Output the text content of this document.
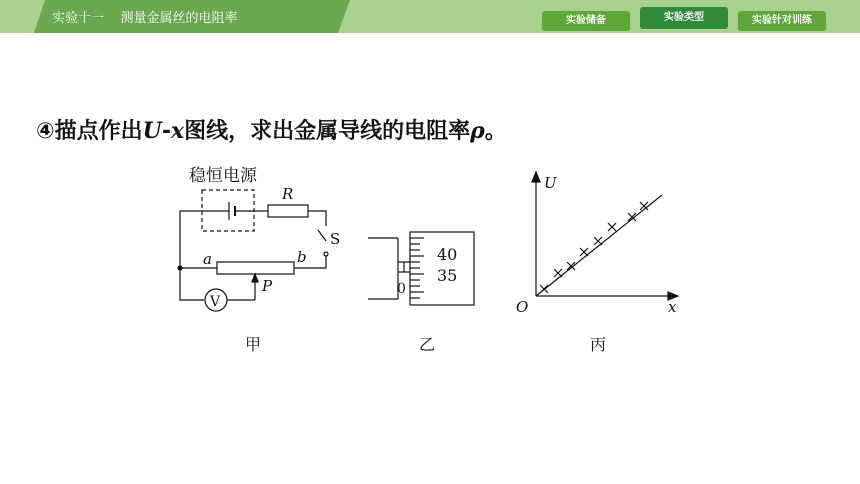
实验十一    测量金属丝的电阻率	实验储备	实验类型	实验针对训练
④描点作出U-x图线，求出金属导线的电阻率ρ。
稳恒电源
R
S
a	b
P
V
0
40
35
U
x
O
甲	乙	丙
